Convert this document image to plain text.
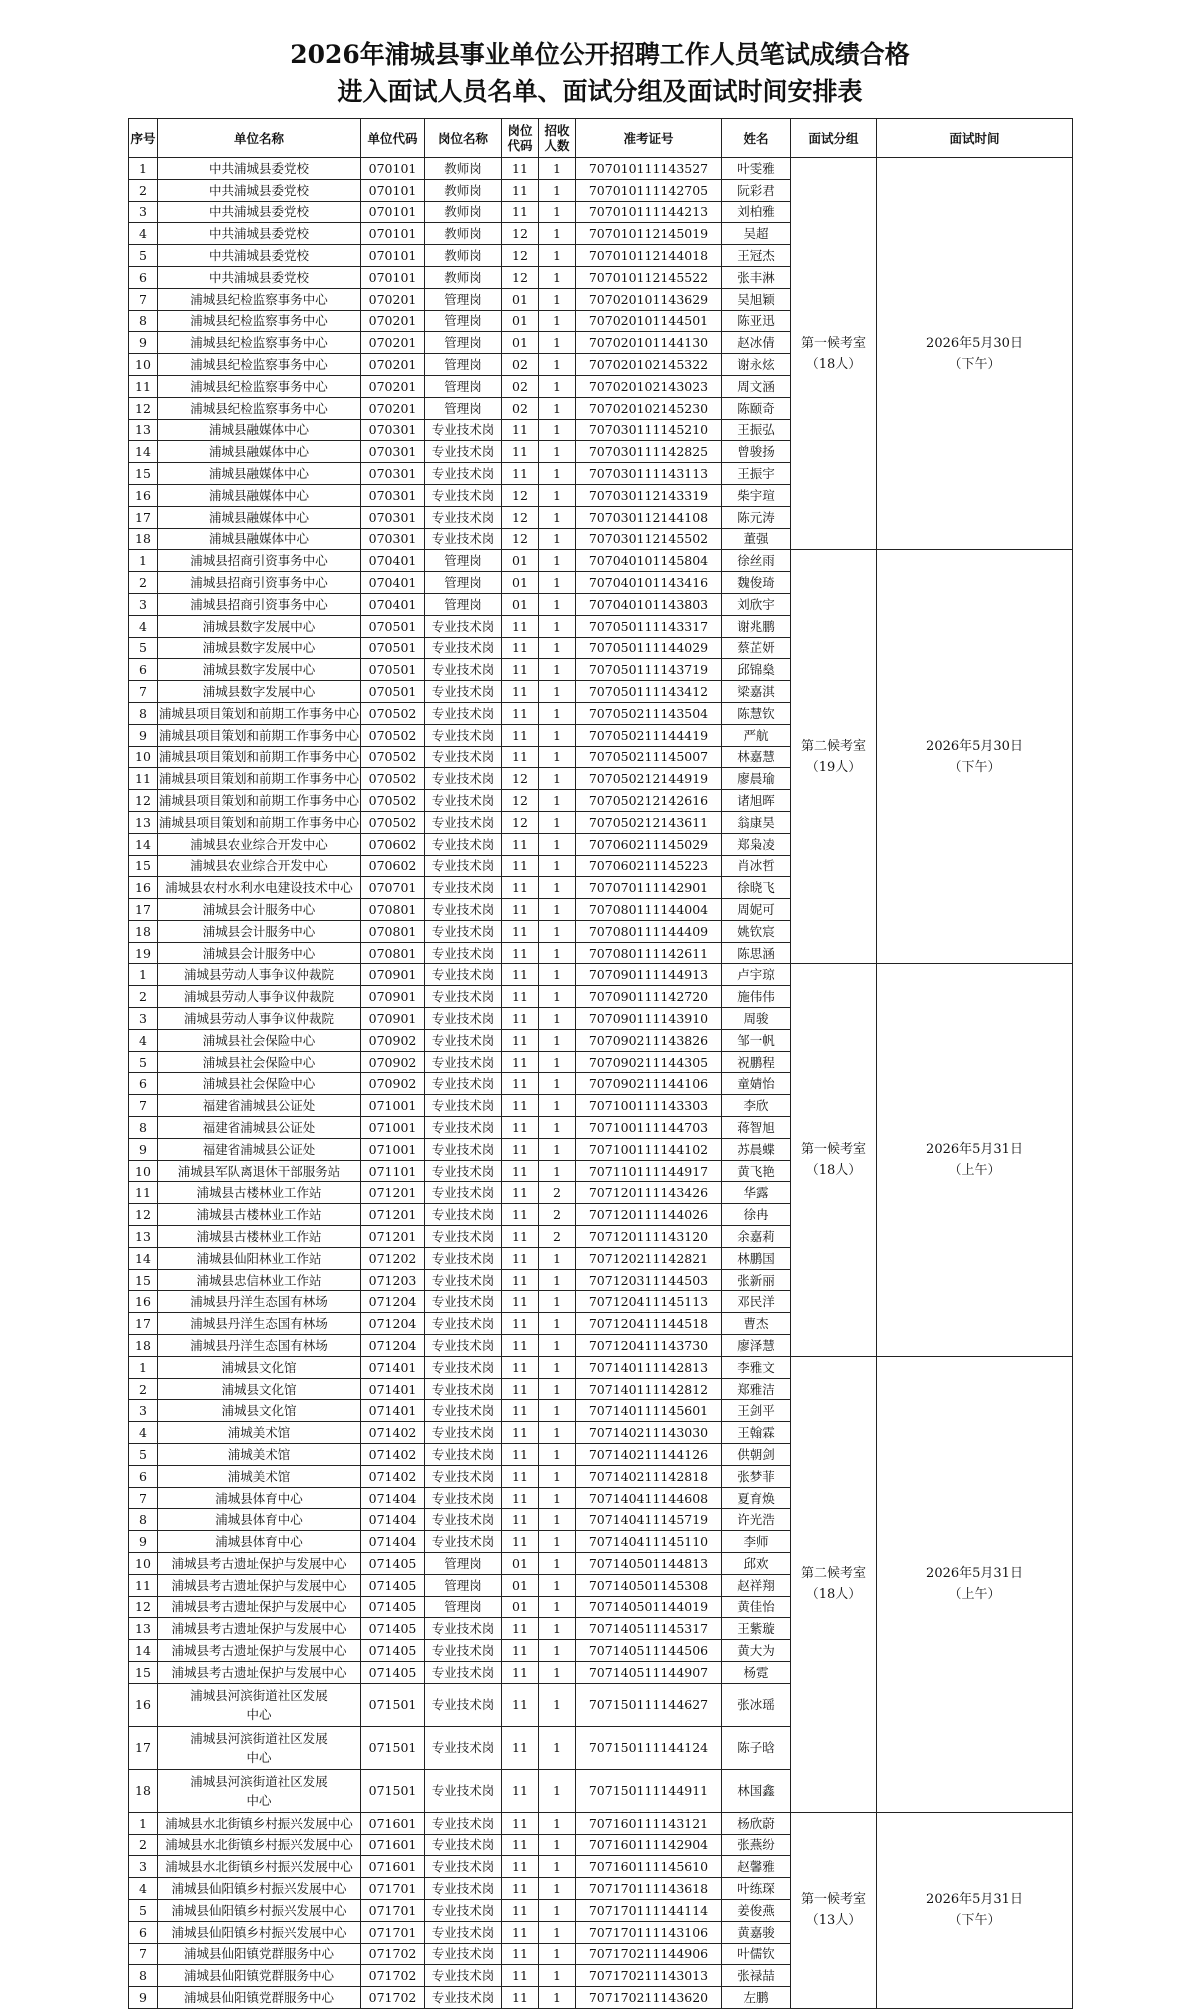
2026年浦城县事业单位公开招聘工作人员笔试成绩合格
进入面试人员名单、面试分组及面试时间安排表
序号	单位名称	单位代码	岗位名称	岗位代码	招收人数	准考证号	姓名	面试分组	面试时间
1	中共浦城县委党校	070101	教师岗	11	1	707010111143527	叶雯雅	第一候考室
（18人）	2026年5月30日
（下午）
2	中共浦城县委党校	070101	教师岗	11	1	707010111142705	阮彩君		
3	中共浦城县委党校	070101	教师岗	11	1	707010111144213	刘柏雅		
4	中共浦城县委党校	070101	教师岗	12	1	707010112145019	吴超		
5	中共浦城县委党校	070101	教师岗	12	1	707010112144018	王冠杰		
6	中共浦城县委党校	070101	教师岗	12	1	707010112145522	张丰淋		
7	浦城县纪检监察事务中心	070201	管理岗	01	1	707020101143629	吴旭颖		
8	浦城县纪检监察事务中心	070201	管理岗	01	1	707020101144501	陈亚迅		
9	浦城县纪检监察事务中心	070201	管理岗	01	1	707020101144130	赵冰倩		
10	浦城县纪检监察事务中心	070201	管理岗	02	1	707020102145322	谢永炫		
11	浦城县纪检监察事务中心	070201	管理岗	02	1	707020102143023	周文涵		
12	浦城县纪检监察事务中心	070201	管理岗	02	1	707020102145230	陈颐奇		
13	浦城县融媒体中心	070301	专业技术岗	11	1	707030111145210	王振弘		
14	浦城县融媒体中心	070301	专业技术岗	11	1	707030111142825	曾骏扬		
15	浦城县融媒体中心	070301	专业技术岗	11	1	707030111143113	王振宇		
16	浦城县融媒体中心	070301	专业技术岗	12	1	707030112143319	柴宇瑄		
17	浦城县融媒体中心	070301	专业技术岗	12	1	707030112144108	陈元涛		
18	浦城县融媒体中心	070301	专业技术岗	12	1	707030112145502	董强		
1	浦城县招商引资事务中心	070401	管理岗	01	1	707040101145804	徐丝雨	第二候考室
（19人）	2026年5月30日
（下午）
2	浦城县招商引资事务中心	070401	管理岗	01	1	707040101143416	魏俊琦		
3	浦城县招商引资事务中心	070401	管理岗	01	1	707040101143803	刘欣宇		
4	浦城县数字发展中心	070501	专业技术岗	11	1	707050111143317	谢兆鹏		
5	浦城县数字发展中心	070501	专业技术岗	11	1	707050111144029	蔡芷妍		
6	浦城县数字发展中心	070501	专业技术岗	11	1	707050111143719	邱锦燊		
7	浦城县数字发展中心	070501	专业技术岗	11	1	707050111143412	梁嘉淇		
8	浦城县项目策划和前期工作事务中心	070502	专业技术岗	11	1	707050211143504	陈慧钦		
9	浦城县项目策划和前期工作事务中心	070502	专业技术岗	11	1	707050211144419	严航		
10	浦城县项目策划和前期工作事务中心	070502	专业技术岗	11	1	707050211145007	林嘉慧		
11	浦城县项目策划和前期工作事务中心	070502	专业技术岗	12	1	707050212144919	廖晨瑜		
12	浦城县项目策划和前期工作事务中心	070502	专业技术岗	12	1	707050212142616	诸旭晖		
13	浦城县项目策划和前期工作事务中心	070502	专业技术岗	12	1	707050212143611	翁康昊		
14	浦城县农业综合开发中心	070602	专业技术岗	11	1	707060211145029	郑枭凌		
15	浦城县农业综合开发中心	070602	专业技术岗	11	1	707060211145223	肖冰哲		
16	浦城县农村水利水电建设技术中心	070701	专业技术岗	11	1	707070111142901	徐晓飞		
17	浦城县会计服务中心	070801	专业技术岗	11	1	707080111144004	周妮可		
18	浦城县会计服务中心	070801	专业技术岗	11	1	707080111144409	姚钦宸		
19	浦城县会计服务中心	070801	专业技术岗	11	1	707080111142611	陈思涵		
1	浦城县劳动人事争议仲裁院	070901	专业技术岗	11	1	707090111144913	卢宇琼	第一候考室
（18人）	2026年5月31日
（上午）
2	浦城县劳动人事争议仲裁院	070901	专业技术岗	11	1	707090111142720	施伟伟		
3	浦城县劳动人事争议仲裁院	070901	专业技术岗	11	1	707090111143910	周骏		
4	浦城县社会保险中心	070902	专业技术岗	11	1	707090211143826	邹一帆		
5	浦城县社会保险中心	070902	专业技术岗	11	1	707090211144305	祝鹏程		
6	浦城县社会保险中心	070902	专业技术岗	11	1	707090211144106	童婧怡		
7	福建省浦城县公证处	071001	专业技术岗	11	1	707100111143303	李欣		
8	福建省浦城县公证处	071001	专业技术岗	11	1	707100111144703	蒋智旭		
9	福建省浦城县公证处	071001	专业技术岗	11	1	707100111144102	苏晨蝶		
10	浦城县军队离退休干部服务站	071101	专业技术岗	11	1	707110111144917	黄飞艳		
11	浦城县古楼林业工作站	071201	专业技术岗	11	2	707120111143426	华露		
12	浦城县古楼林业工作站	071201	专业技术岗	11	2	707120111144026	徐冉		
13	浦城县古楼林业工作站	071201	专业技术岗	11	2	707120111143120	余嘉莉		
14	浦城县仙阳林业工作站	071202	专业技术岗	11	1	707120211142821	林鹏国		
15	浦城县忠信林业工作站	071203	专业技术岗	11	1	707120311144503	张新丽		
16	浦城县丹洋生态国有林场	071204	专业技术岗	11	1	707120411145113	邓民洋		
17	浦城县丹洋生态国有林场	071204	专业技术岗	11	1	707120411144518	曹杰		
18	浦城县丹洋生态国有林场	071204	专业技术岗	11	1	707120411143730	廖泽慧		
1	浦城县文化馆	071401	专业技术岗	11	1	707140111142813	李雅文	第二候考室
（18人）	2026年5月31日
（上午）
2	浦城县文化馆	071401	专业技术岗	11	1	707140111142812	郑雅洁		
3	浦城县文化馆	071401	专业技术岗	11	1	707140111145601	王剑平		
4	浦城美术馆	071402	专业技术岗	11	1	707140211143030	王翰霖		
5	浦城美术馆	071402	专业技术岗	11	1	707140211144126	供朝剑		
6	浦城美术馆	071402	专业技术岗	11	1	707140211142818	张梦菲		
7	浦城县体育中心	071404	专业技术岗	11	1	707140411144608	夏育焕		
8	浦城县体育中心	071404	专业技术岗	11	1	707140411145719	许光浩		
9	浦城县体育中心	071404	专业技术岗	11	1	707140411145110	李师		
10	浦城县考古遗址保护与发展中心	071405	管理岗	01	1	707140501144813	邱欢		
11	浦城县考古遗址保护与发展中心	071405	管理岗	01	1	707140501145308	赵祥翔		
12	浦城县考古遗址保护与发展中心	071405	管理岗	01	1	707140501144019	黄佳怡		
13	浦城县考古遗址保护与发展中心	071405	专业技术岗	11	1	707140511145317	王紫璇		
14	浦城县考古遗址保护与发展中心	071405	专业技术岗	11	1	707140511144506	黄大为		
15	浦城县考古遗址保护与发展中心	071405	专业技术岗	11	1	707140511144907	杨霓		
16	浦城县河滨街道社区发展
中心	071501	专业技术岗	11	1	707150111144627	张冰瑶		
17	浦城县河滨街道社区发展
中心	071501	专业技术岗	11	1	707150111144124	陈子晗		
18	浦城县河滨街道社区发展
中心	071501	专业技术岗	11	1	707150111144911	林国鑫		
1	浦城县水北街镇乡村振兴发展中心	071601	专业技术岗	11	1	707160111143121	杨欣蔚	第一候考室
（13人）	2026年5月31日
（下午）
2	浦城县水北街镇乡村振兴发展中心	071601	专业技术岗	11	1	707160111142904	张燕纷		
3	浦城县水北街镇乡村振兴发展中心	071601	专业技术岗	11	1	707160111145610	赵馨雅		
4	浦城县仙阳镇乡村振兴发展中心	071701	专业技术岗	11	1	707170111143618	叶练琛		
5	浦城县仙阳镇乡村振兴发展中心	071701	专业技术岗	11	1	707170111144114	姜俊燕		
6	浦城县仙阳镇乡村振兴发展中心	071701	专业技术岗	11	1	707170111143106	黄嘉骏		
7	浦城县仙阳镇党群服务中心	071702	专业技术岗	11	1	707170211144906	叶儒钦		
8	浦城县仙阳镇党群服务中心	071702	专业技术岗	11	1	707170211143013	张禄喆		
9	浦城县仙阳镇党群服务中心	071702	专业技术岗	11	1	707170211143620	左鹏		
